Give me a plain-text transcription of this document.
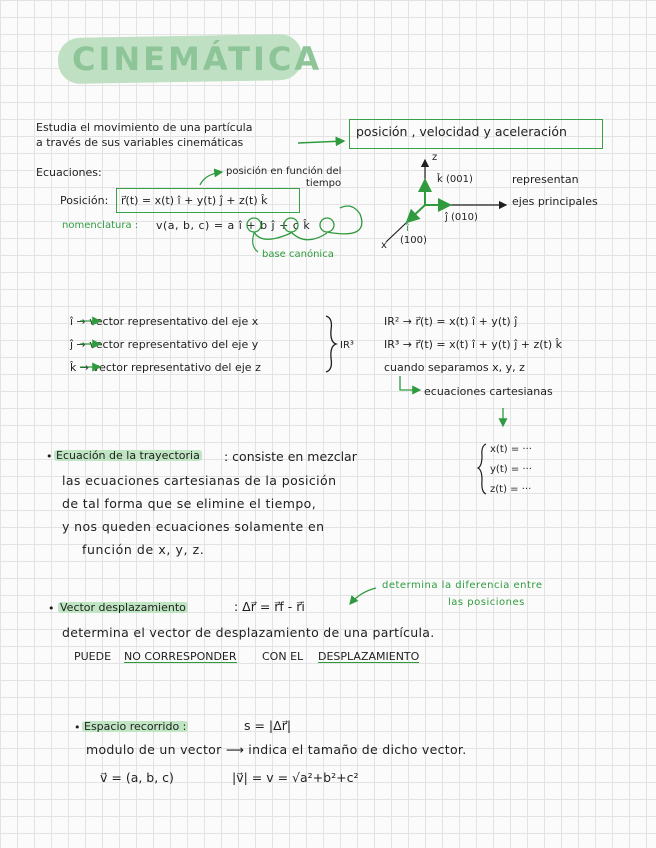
CINEMÁTICA
Estudia el movimiento de una partícula
a través de sus variables cinemáticas
posición , velocidad y aceleración
Ecuaciones:	posición en función del
tiempo
Posición: r⃗(t) = x(t) î + y(t) ĵ + z(t) k̂
nomenclatura : v(a, b, c) = a î + b ĵ + c k̂
base canónica
z
x
k̂ (001)
ĵ (010)
î
(100)
representan
ejes principales
î → vector representativo del eje x
ĵ → vector representativo del eje y
k̂ → vector representativo del eje z
IR³
IR² → r⃗(t) = x(t) î + y(t) ĵ
IR³ → r⃗(t) = x(t) î + y(t) ĵ + z(t) k̂
cuando separamos x, y, z
ecuaciones cartesianas
x(t) = ···
y(t) = ···
z(t) = ···
• Ecuación de la trayectoria : consiste en mezclar
las ecuaciones cartesianas de la posición
de tal forma que se elimine el tiempo,
y nos queden ecuaciones solamente en
función de x, y, z.
determina la diferencia entre
las posiciones
• Vector desplazamiento	: Δr⃗ = r⃗f - r⃗i
determina el vector de desplazamiento de una partícula.
PUEDE NO CORRESPONDER CON EL DESPLAZAMIENTO
• Espacio recorrido :	s = |Δr⃗|
modulo de un vector ⟶ indica el tamaño de dicho vector.
v⃗ = (a, b, c)	|v⃗| = v = √a²+b²+c²
